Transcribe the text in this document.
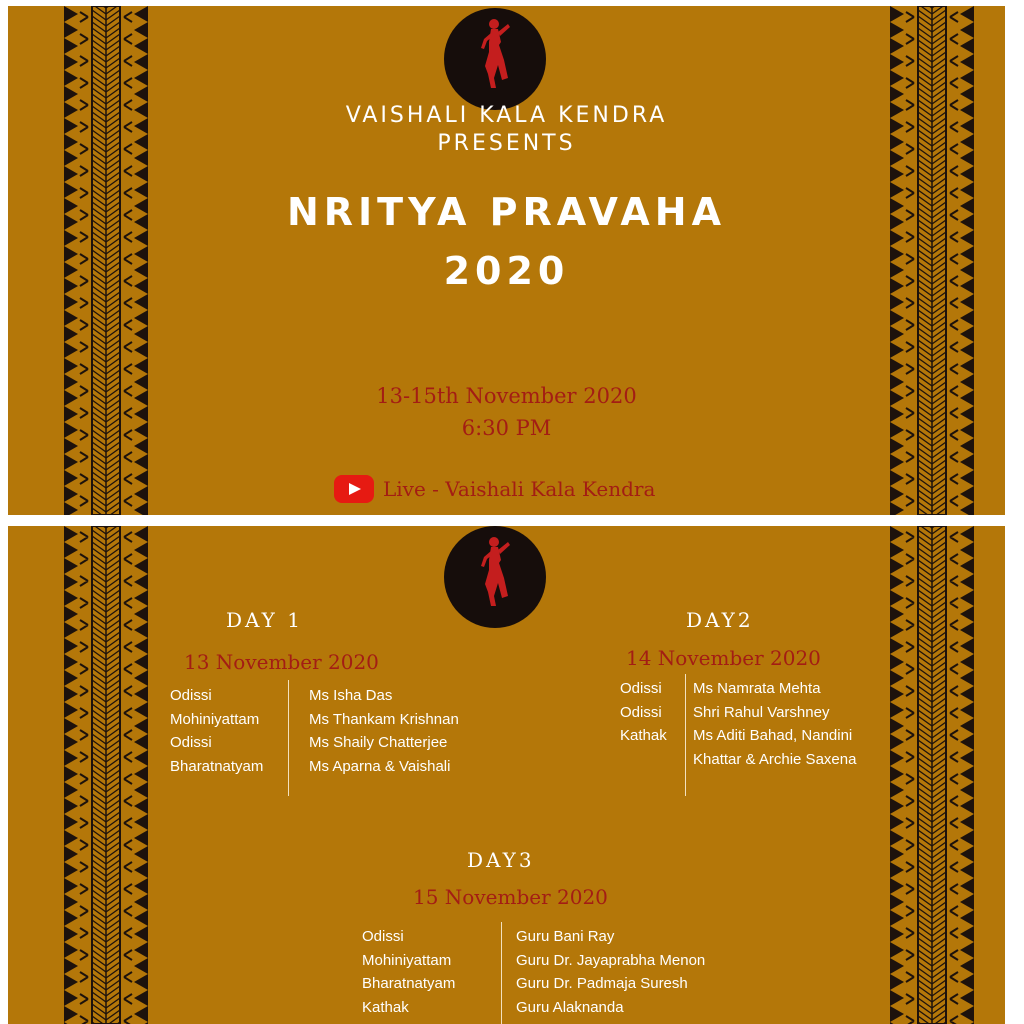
VAISHALI KALA KENDRA
PRESENTS
NRITYA PRAVAHA
2020
13-15th November 2020
6:30 PM
Live - Vaishali Kala Kendra
DAY 1
13 November 2020
Odissi
Mohiniyattam
Odissi
Bharatnatyam
Ms Isha Das
Ms Thankam Krishnan
Ms Shaily Chatterjee
Ms Aparna & Vaishali
DAY2
14 November 2020
Odissi
Odissi
Kathak
Ms Namrata Mehta
Shri Rahul Varshney
Ms Aditi Bahad, Nandini
Khattar & Archie Saxena
DAY3
15 November 2020
Odissi
Mohiniyattam
Bharatnatyam
Kathak
Guru Bani Ray
Guru Dr. Jayaprabha Menon
Guru Dr. Padmaja Suresh
Guru Alaknanda
